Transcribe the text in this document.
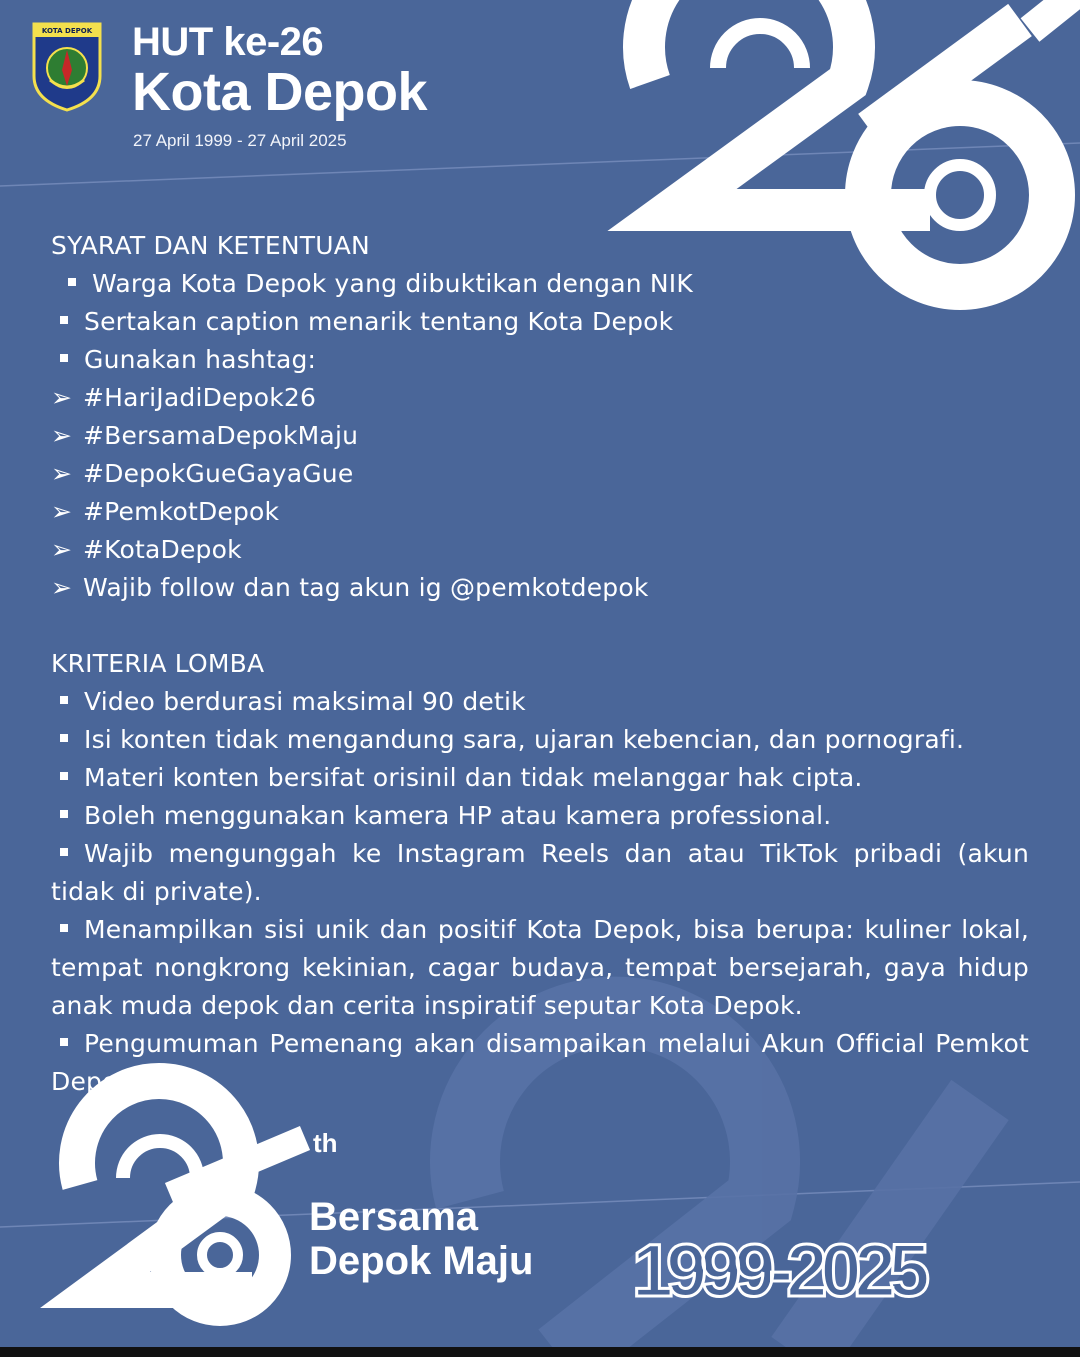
KOTA DEPOK HUT ke-26
Kota Depok
27 April 1999 - 27 April 2025

SYARAT DAN KETENTUAN

Warga Kota Depok yang dibuktikan dengan NIK

Sertakan caption menarik tentang Kota Depok

Gunakan hashtag:

➢ #HariJadiDepok26

➢ #BersamaDepokMaju

➢ #DepokGueGayaGue

➢ #PemkotDepok

➢ #KotaDepok

➢ Wajib follow dan tag akun ig @pemkotdepok

KRITERIA LOMBA

Video berdurasi maksimal 90 detik

Isi konten tidak mengandung sara, ujaran kebencian, dan pornografi.

Materi konten bersifat orisinil dan tidak melanggar hak cipta.

Boleh menggunakan kamera HP atau kamera professional.

Wajib mengunggah ke Instagram Reels dan atau TikTok pribadi (akun tidak di private).

Menampilkan sisi unik dan positif Kota Depok, bisa berupa: kuliner lokal, tempat nongkrong kekinian, cagar budaya, tempat bersejarah, gaya hidup anak muda depok dan cerita inspiratif seputar Kota Depok.

Pengumuman Pemenang akan disampaikan melalui Akun Official Pemkot Depok.

th
Bersama
Depok Maju 1999-2025
